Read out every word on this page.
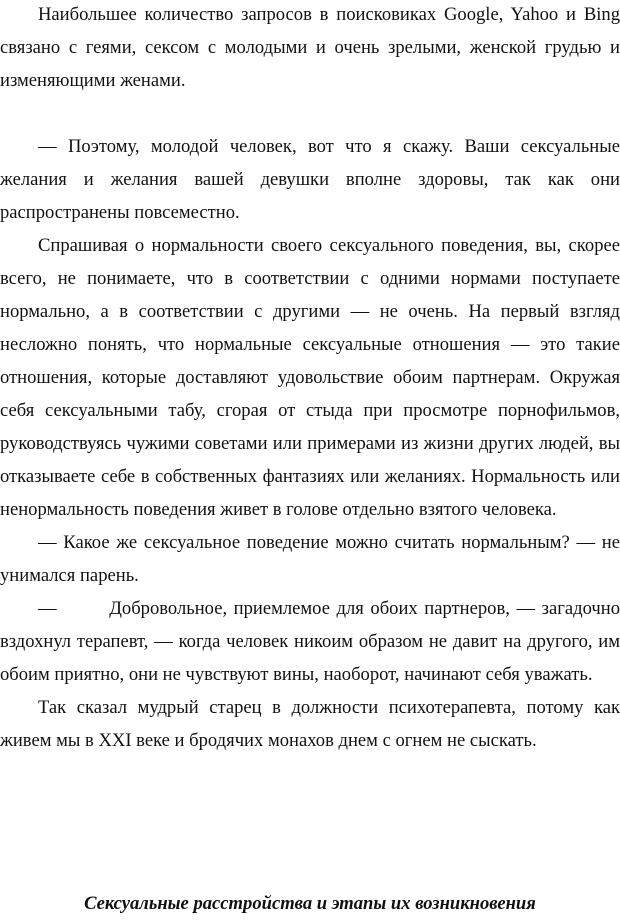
Наибольшее количество запросов в поисковиках Google, Yahoo и Bing связано с геями, сексом с молодыми и очень зрелыми, женской грудью и изменяющими женами.

— Поэтому, молодой человек, вот что я скажу. Ваши сексуальные желания и желания вашей девушки вполне здоровы, так как они распространены повсеместно.

Спрашивая о нормальности своего сексуального поведения, вы, скорее всего, не понимаете, что в соответствии с одними нормами поступаете нормально, а в соответствии с другими — не очень. На первый взгляд несложно понять, что нормальные сексуальные отношения — это такие отношения, которые доставляют удовольствие обоим партнерам. Окружая себя сексуальными табу, сгорая от стыда при просмотре порнофильмов, руководствуясь чужими советами или примерами из жизни других людей, вы отказываете себе в собственных фантазиях или желаниях. Нормальность или ненормальность поведения живет в голове отдельно взятого человека.

— Какое же сексуальное поведение можно считать нормальным? — не унимался парень.

—        Добровольное, приемлемое для обоих партнеров, — загадочно вздохнул терапевт, — когда человек никоим образом не давит на другого, им обоим приятно, они не чувствуют вины, наоборот, начинают себя уважать.

Так сказал мудрый старец в должности психотерапевта, потому как живем мы в XXI веке и бродячих монахов днем с огнем не сыскать.

Сексуальные расстройства и этапы их возникновения
